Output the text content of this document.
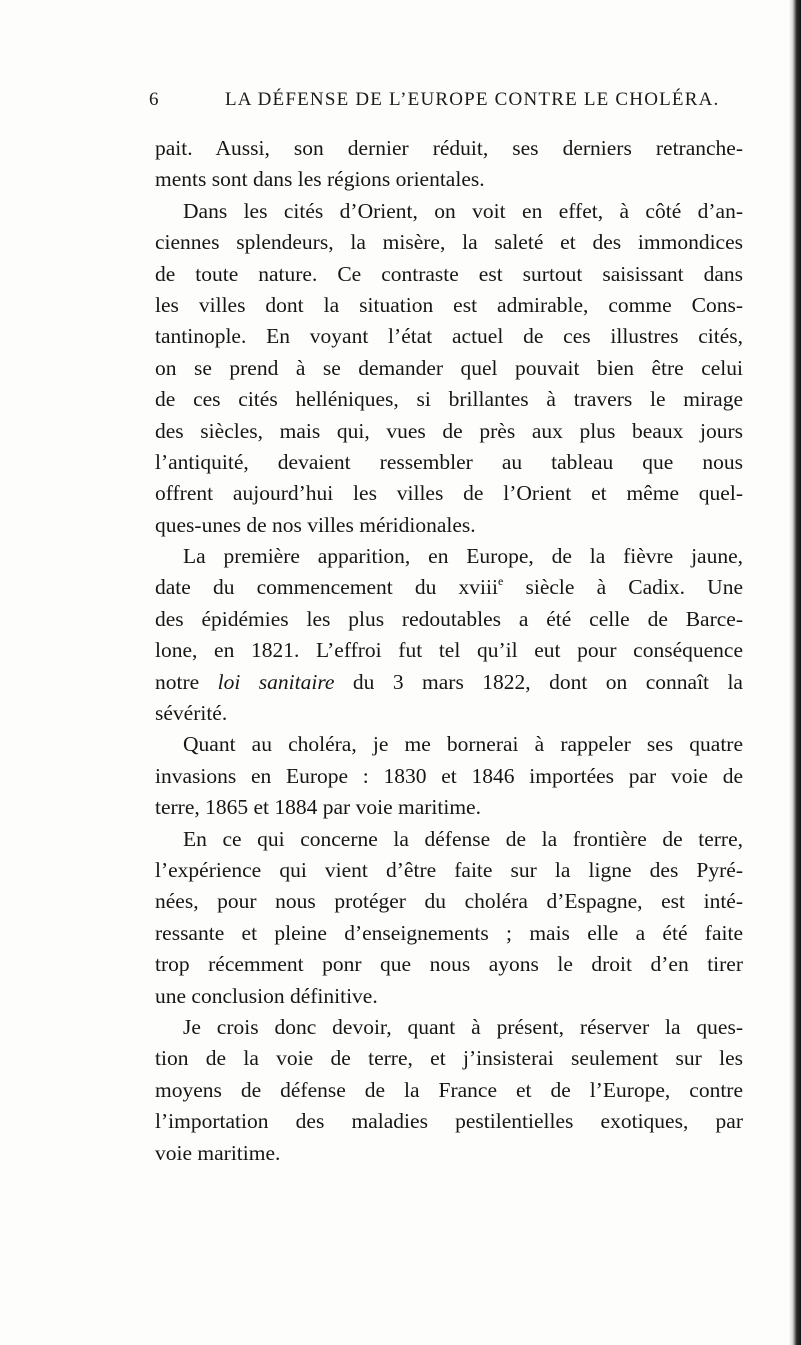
6	LA DÉFENSE DE L’EUROPE CONTRE LE CHOLÉRA.
pait. Aussi, son dernier réduit, ses derniers retranche-
ments sont dans les régions orientales.
Dans les cités d’Orient, on voit en effet, à côté d’an-
ciennes splendeurs, la misère, la saleté et des immondices
de toute nature. Ce contraste est surtout saisissant dans
les villes dont la situation est admirable, comme Cons-
tantinople. En voyant l’état actuel de ces illustres cités,
on se prend à se demander quel pouvait bien être celui
de ces cités helléniques, si brillantes à travers le mirage
des siècles, mais qui, vues de près aux plus beaux jours
l’antiquité, devaient ressembler au tableau que nous
offrent aujourd’hui les villes de l’Orient et même quel-
ques-unes de nos villes méridionales.
La première apparition, en Europe, de la fièvre jaune,
date du commencement du xviii$^e$ siècle à Cadix. Une
des épidémies les plus redoutables a été celle de Barce-
lone, en 1821. L’effroi fut tel qu’il eut pour conséquence
notre loi sanitaire du 3 mars 1822, dont on connaît la
sévérité.
Quant au choléra, je me bornerai à rappeler ses quatre
invasions en Europe : 1830 et 1846 importées par voie de
terre, 1865 et 1884 par voie maritime.
En ce qui concerne la défense de la frontière de terre,
l’expérience qui vient d’être faite sur la ligne des Pyré-
nées, pour nous protéger du choléra d’Espagne, est inté-
ressante et pleine d’enseignements ; mais elle a été faite
trop récemment ponr que nous ayons le droit d’en tirer
une conclusion définitive.
Je crois donc devoir, quant à présent, réserver la ques-
tion de la voie de terre, et j’insisterai seulement sur les
moyens de défense de la France et de l’Europe, contre
l’importation des maladies pestilentielles exotiques, par
voie maritime.
